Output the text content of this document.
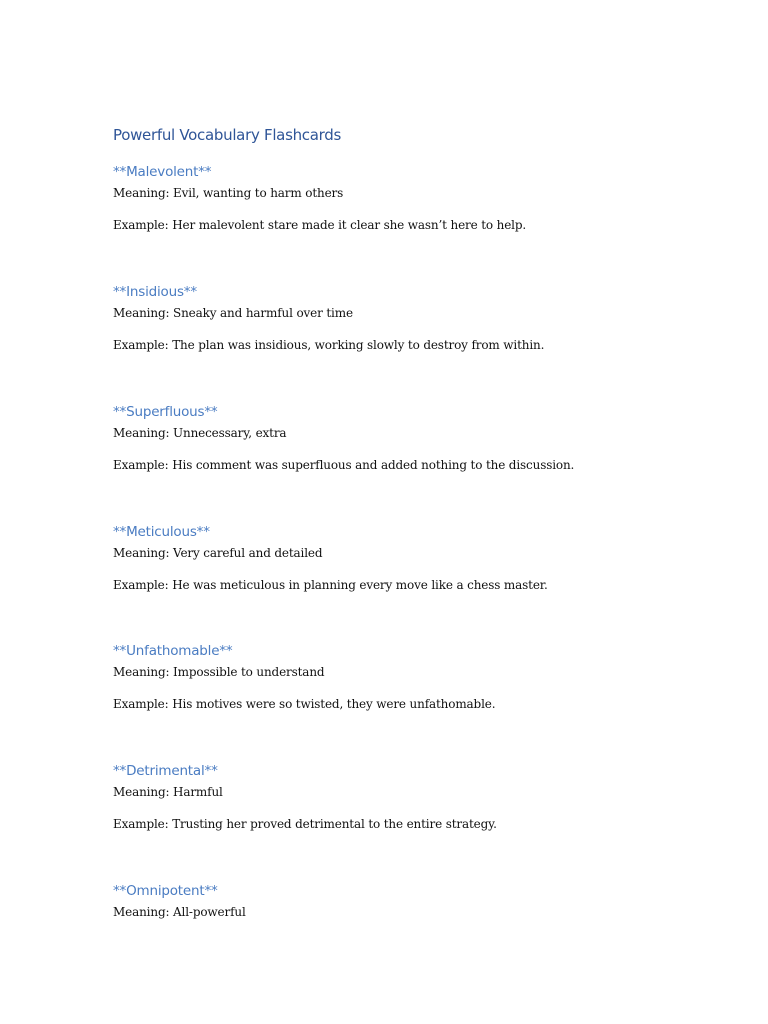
Powerful Vocabulary Flashcards

**Malevolent**

Meaning: Evil, wanting to harm others

Example: Her malevolent stare made it clear she wasn’t here to help.

**Insidious**

Meaning: Sneaky and harmful over time

Example: The plan was insidious, working slowly to destroy from within.

**Superfluous**

Meaning: Unnecessary, extra

Example: His comment was superfluous and added nothing to the discussion.

**Meticulous**

Meaning: Very careful and detailed

Example: He was meticulous in planning every move like a chess master.

**Unfathomable**

Meaning: Impossible to understand

Example: His motives were so twisted, they were unfathomable.

**Detrimental**

Meaning: Harmful

Example: Trusting her proved detrimental to the entire strategy.

**Omnipotent**

Meaning: All-powerful
